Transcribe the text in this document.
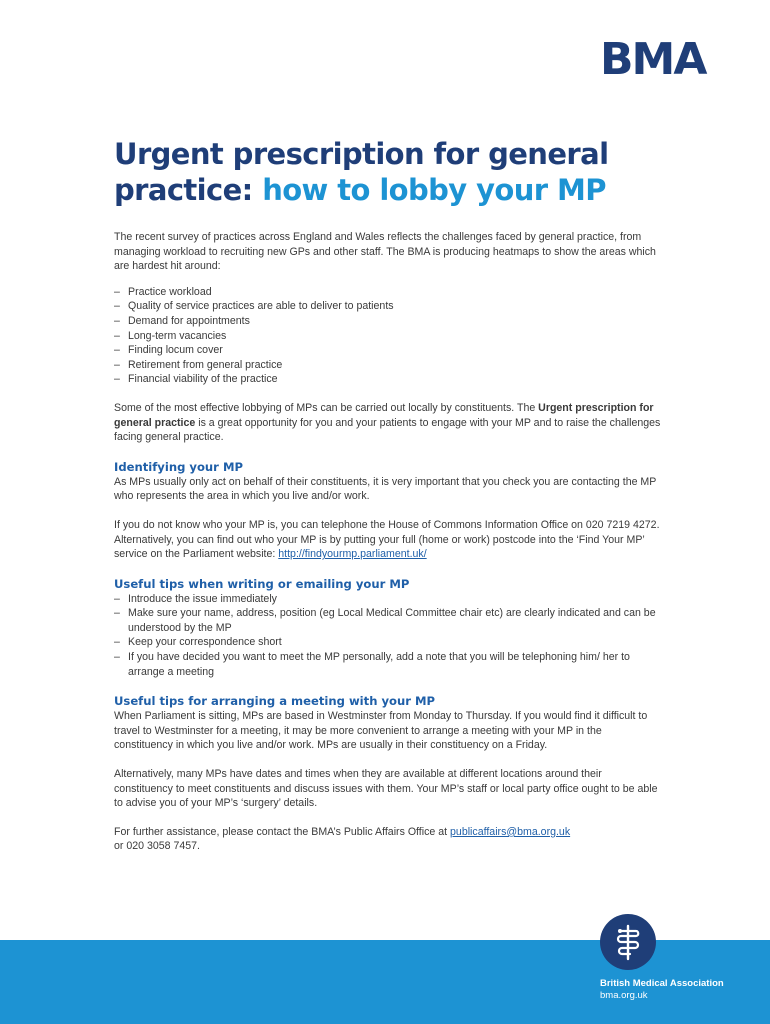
BMA
Urgent prescription for general practice: how to lobby your MP

The recent survey of practices across England and Wales reflects the challenges faced by general practice, from managing workload to recruiting new GPs and other staff. The BMA is producing heatmaps to show the areas which are hardest hit around:

– Practice workload
– Quality of service practices are able to deliver to patients
– Demand for appointments
– Long-term vacancies
– Finding locum cover
– Retirement from general practice
– Financial viability of the practice

Some of the most effective lobbying of MPs can be carried out locally by constituents. The Urgent prescription for general practice is a great opportunity for you and your patients to engage with your MP and to raise the challenges facing general practice.

Identifying your MP

As MPs usually only act on behalf of their constituents, it is very important that you check you are contacting the MP who represents the area in which you live and/or work.

If you do not know who your MP is, you can telephone the House of Commons Information Office on 020 7219 4272. Alternatively, you can find out who your MP is by putting your full (home or work) postcode into the ‘Find Your MP’ service on the Parliament website: http://findyourmp.parliament.uk/

Useful tips when writing or emailing your MP
– Introduce the issue immediately
– Make sure your name, address, position (eg Local Medical Committee chair etc) are clearly indicated and can be understood by the MP
– Keep your correspondence short
– If you have decided you want to meet the MP personally, add a note that you will be telephoning him/ her to arrange a meeting
Useful tips for arranging a meeting with your MP

When Parliament is sitting, MPs are based in Westminster from Monday to Thursday. If you would find it difficult to travel to Westminster for a meeting, it may be more convenient to arrange a meeting with your MP in the constituency in which you live and/or work. MPs are usually in their constituency on a Friday.

Alternatively, many MPs have dates and times when they are available at different locations around their constituency to meet constituents and discuss issues with them. Your MP’s staff or local party office ought to be able to advise you of your MP’s ‘surgery’ details.

For further assistance, please contact the BMA’s Public Affairs Office at publicaffairs@bma.org.uk
or 020 3058 7457.

British Medical Association
bma.org.uk
